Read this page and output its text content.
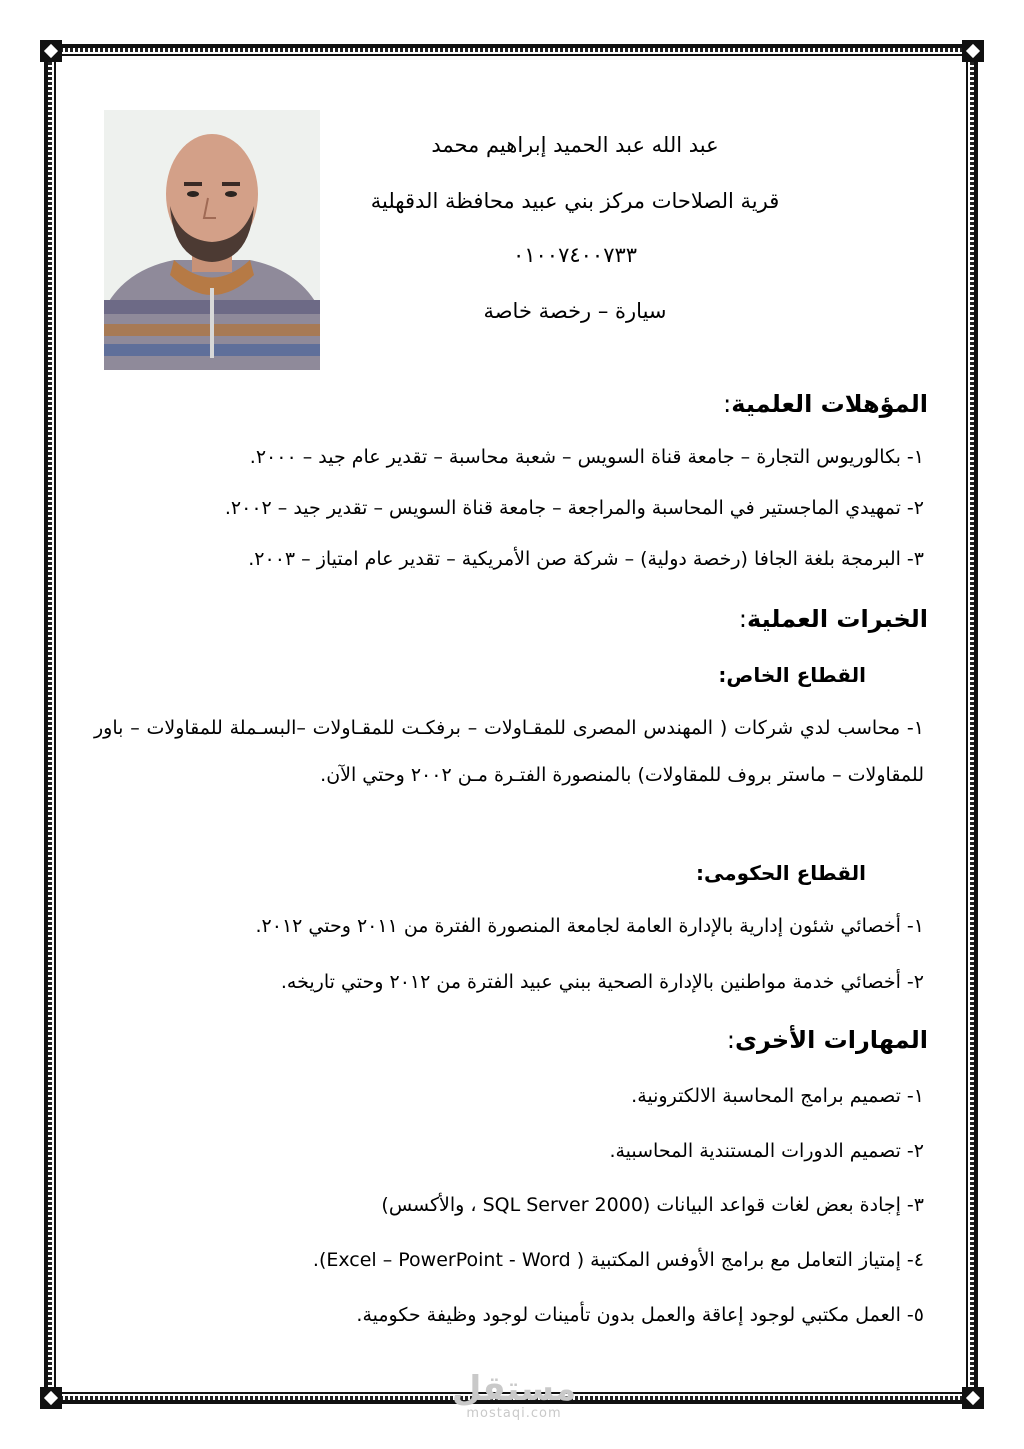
عبد الله عبد الحميد إبراهيم محمد
قرية الصلاحات مركز بني عبيد محافظة الدقهلية
٠١٠٠٧٤٠٠٧٣٣
سيارة – رخصة خاصة
المؤهلات العلمية:
١- بكالوريوس التجارة – جامعة قناة السويس – شعبة محاسبة – تقدير عام جيد – ٢٠٠٠.
٢- تمهيدي الماجستير في المحاسبة والمراجعة – جامعة قناة السويس – تقدير جيد – ٢٠٠٢.
٣- البرمجة بلغة الجافا (رخصة دولية) – شركة صن الأمريكية – تقدير عام امتياز – ٢٠٠٣.
الخبرات العملية:
القطاع الخاص:
١- محاسب لدي شركات ( المهندس المصرى للمقـاولات – برفكـت للمقـاولات –البسـملة للمقاولات – باور للمقاولات – ماستر بروف للمقاولات) بالمنصورة الفتـرة مـن ٢٠٠٢ وحتي الآن.
القطاع الحكومى:
١- أخصائي شئون إدارية بالإدارة العامة لجامعة المنصورة الفترة من ٢٠١١ وحتي ٢٠١٢.
٢- أخصائي خدمة مواطنين بالإدارة الصحية ببني عبيد الفترة من ٢٠١٢ وحتي تاريخه.
المهارات الأخرى:
١- تصميم برامج المحاسبة الالكترونية.
٢- تصميم الدورات المستندية المحاسبية.
٣- إجادة بعض لغات قواعد البيانات (SQL Server 2000 ، والأكسس)
٤- إمتياز التعامل مع برامج الأوفس المكتبية ( Excel – PowerPoint - Word).
٥- العمل مكتبي لوجود إعاقة والعمل بدون تأمينات لوجود وظيفة حكومية.
مستقل
mostaqi.com
